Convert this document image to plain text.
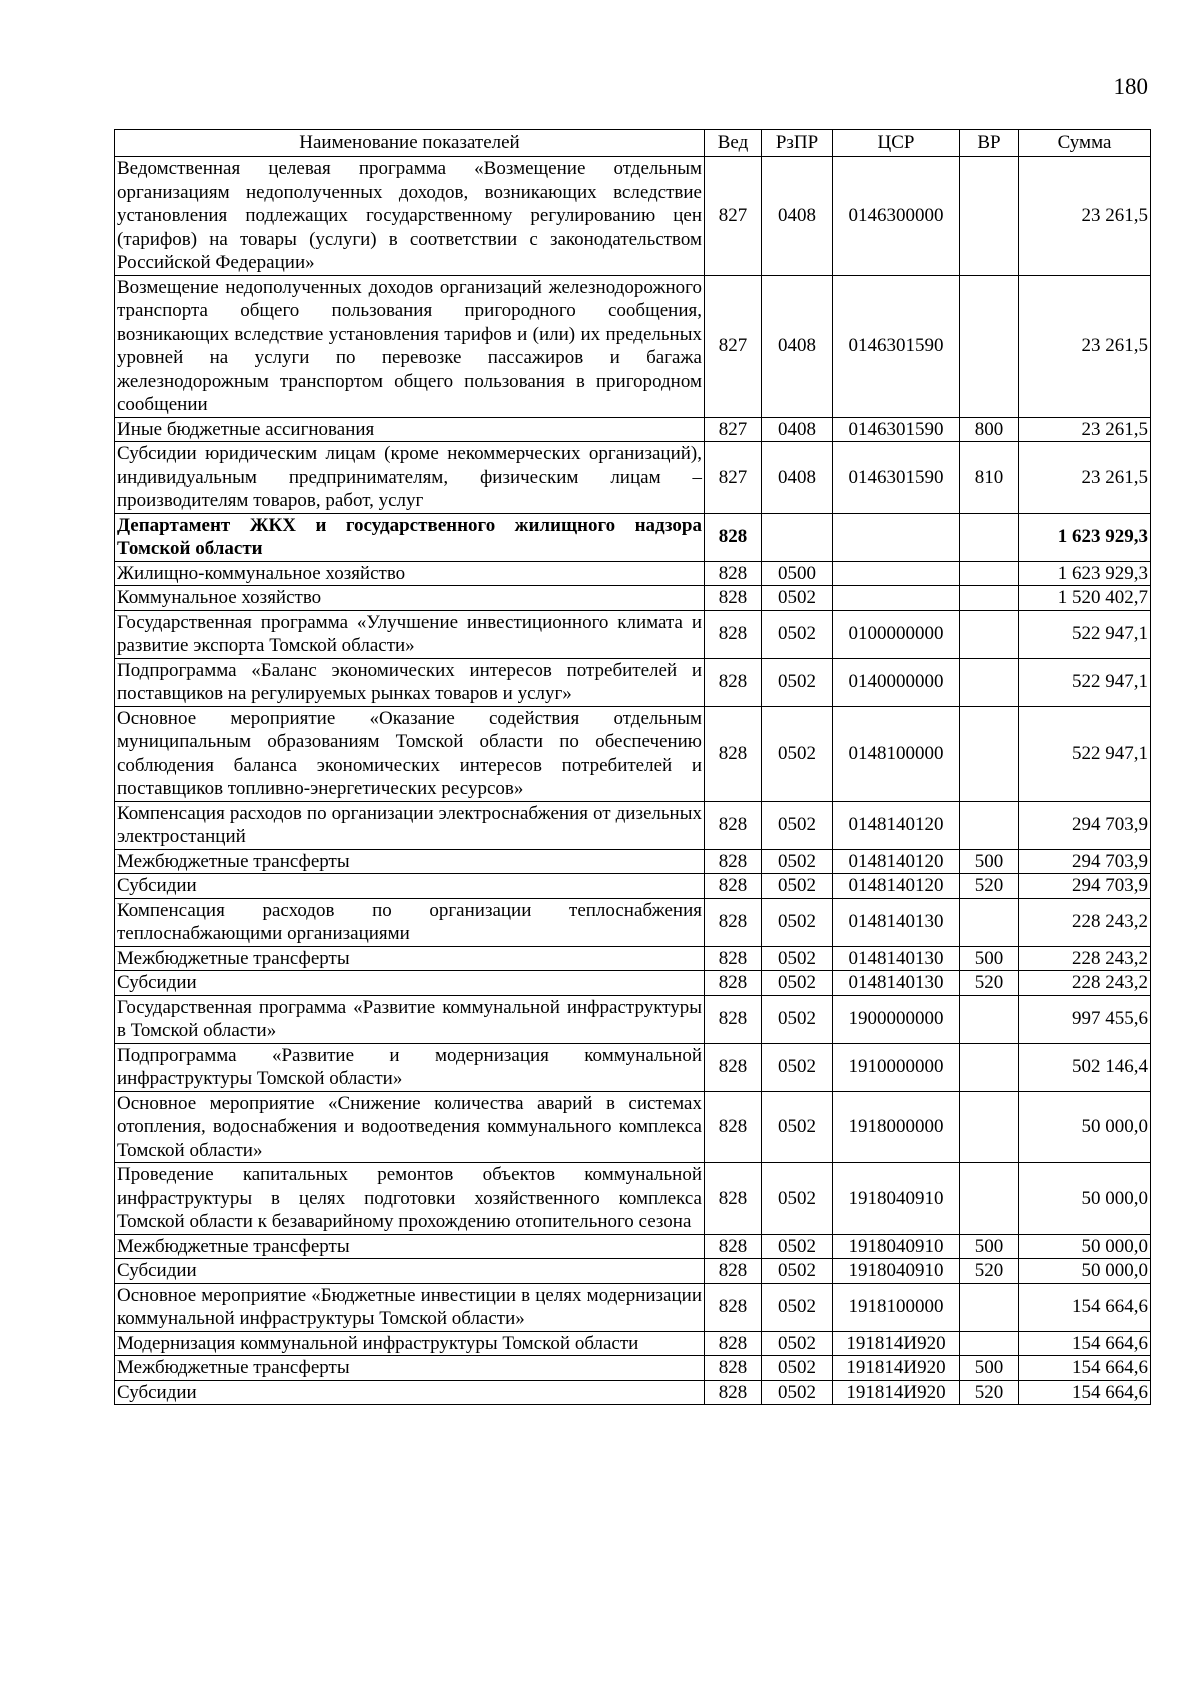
180
Наименование показателей	Вед	РзПР	ЦСР	ВР	Сумма
Ведомственная целевая программа «Возмещение отдельным организациям недополученных доходов, возникающих вследствие установления подлежащих государственному регулированию цен (тарифов) на товары (услуги) в соответствии с законодательством Российской Федерации»	827	0408	0146300000		23 261,5
Возмещение недополученных доходов организаций железнодорожного транспорта общего пользования пригородного сообщения, возникающих вследствие установления тарифов и (или) их предельных уровней на услуги по перевозке пассажиров и багажа железнодорожным транспортом общего пользования в пригородном сообщении	827	0408	0146301590		23 261,5
Иные бюджетные ассигнования	827	0408	0146301590	800	23 261,5
Субсидии юридическим лицам (кроме некоммерческих организаций), индивидуальным предпринимателям, физическим лицам – производителям товаров, работ, услуг	827	0408	0146301590	810	23 261,5
Департамент ЖКХ и государственного жилищного надзора Томской области	828				1 623 929,3
Жилищно-коммунальное хозяйство	828	0500			1 623 929,3
Коммунальное хозяйство	828	0502			1 520 402,7
Государственная программа «Улучшение инвестиционного климата и развитие экспорта Томской области»	828	0502	0100000000		522 947,1
Подпрограмма «Баланс экономических интересов потребителей и поставщиков на регулируемых рынках товаров и услуг»	828	0502	0140000000		522 947,1
Основное мероприятие «Оказание содействия отдельным муниципальным образованиям Томской области по обеспечению соблюдения баланса экономических интересов потребителей и поставщиков топливно-энергетических ресурсов»	828	0502	0148100000		522 947,1
Компенсация расходов по организации электроснабжения от дизельных электростанций	828	0502	0148140120		294 703,9
Межбюджетные трансферты	828	0502	0148140120	500	294 703,9
Субсидии	828	0502	0148140120	520	294 703,9
Компенсация расходов по организации теплоснабжения теплоснабжающими организациями	828	0502	0148140130		228 243,2
Межбюджетные трансферты	828	0502	0148140130	500	228 243,2
Субсидии	828	0502	0148140130	520	228 243,2
Государственная программа «Развитие коммунальной инфраструктуры в Томской области»	828	0502	1900000000		997 455,6
Подпрограмма «Развитие и модернизация коммунальной инфраструктуры Томской области»	828	0502	1910000000		502 146,4
Основное мероприятие «Снижение количества аварий в системах отопления, водоснабжения и водоотведения коммунального комплекса Томской области»	828	0502	1918000000		50 000,0
Проведение капитальных ремонтов объектов коммунальной инфраструктуры в целях подготовки хозяйственного комплекса Томской области к безаварийному прохождению отопительного сезона	828	0502	1918040910		50 000,0
Межбюджетные трансферты	828	0502	1918040910	500	50 000,0
Субсидии	828	0502	1918040910	520	50 000,0
Основное мероприятие «Бюджетные инвестиции в целях модернизации коммунальной инфраструктуры Томской области»	828	0502	1918100000		154 664,6
Модернизация коммунальной инфраструктуры Томской области	828	0502	191814И920		154 664,6
Межбюджетные трансферты	828	0502	191814И920	500	154 664,6
Субсидии	828	0502	191814И920	520	154 664,6
